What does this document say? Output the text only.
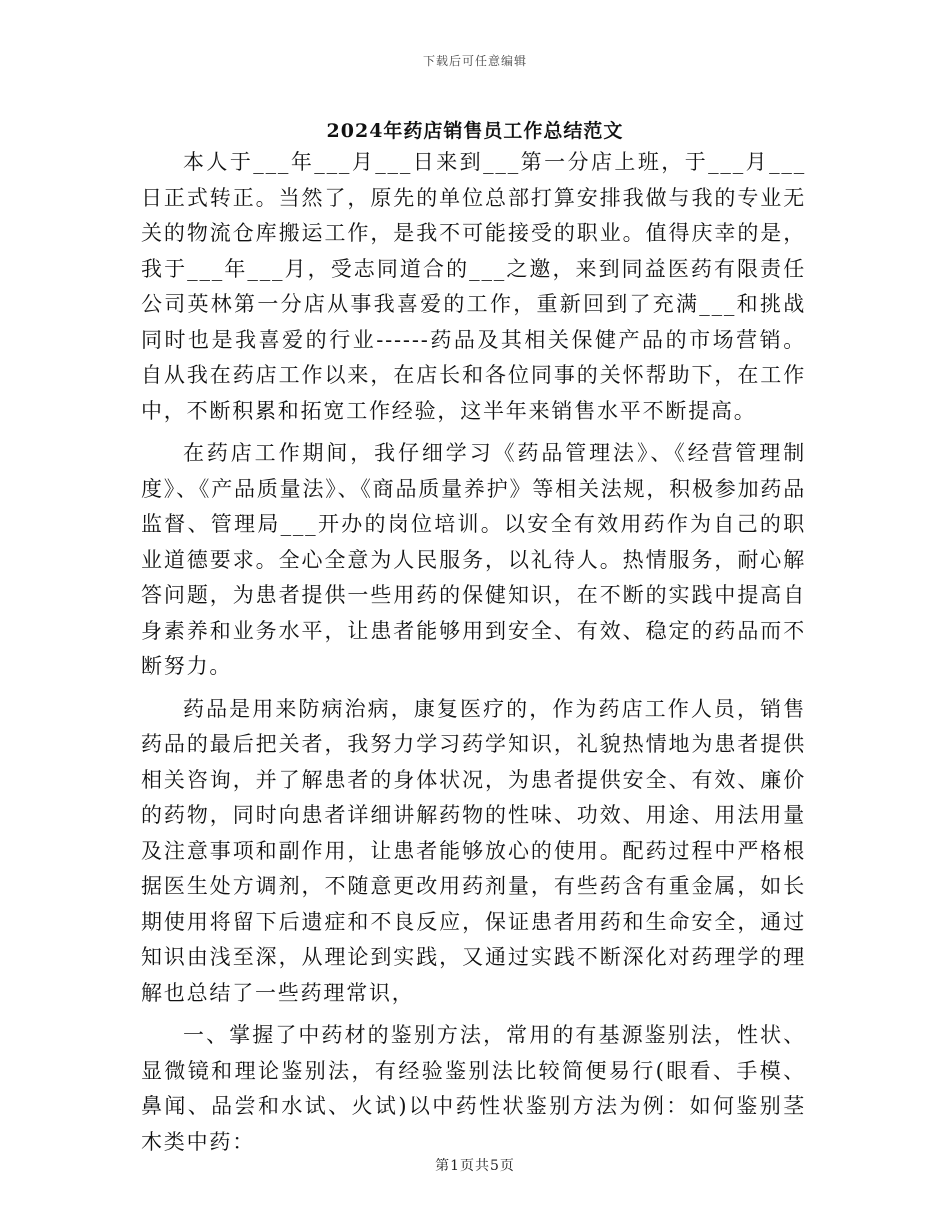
下载后可任意编辑
2024年药店销售员工作总结范文

本人于___年___月___日来到___第一分店上班，于___月___日正式转正。当然了，原先的单位总部打算安排我做与我的专业无关的物流仓库搬运工作，是我不可能接受的职业。值得庆幸的是，我于___年___月，受志同道合的___之邀，来到同益医药有限责任公司英林第一分店从事我喜爱的工作，重新回到了充满___和挑战同时也是我喜爱的行业------药品及其相关保健产品的市场营销。自从我在药店工作以来，在店长和各位同事的关怀帮助下，在工作中，不断积累和拓宽工作经验，这半年来销售水平不断提高。

在药店工作期间，我仔细学习《药品管理法》、《经营管理制度》、《产品质量法》、《商品质量养护》等相关法规，积极参加药品监督、管理局___开办的岗位培训。以安全有效用药作为自己的职业道德要求。全心全意为人民服务，以礼待人。热情服务，耐心解答问题，为患者提供一些用药的保健知识，在不断的实践中提高自身素养和业务水平，让患者能够用到安全、有效、稳定的药品而不断努力。

药品是用来防病治病，康复医疗的，作为药店工作人员，销售药品的最后把关者，我努力学习药学知识，礼貌热情地为患者提供相关咨询，并了解患者的身体状况，为患者提供安全、有效、廉价的药物，同时向患者详细讲解药物的性味、功效、用途、用法用量及注意事项和副作用，让患者能够放心的使用。配药过程中严格根据医生处方调剂，不随意更改用药剂量，有些药含有重金属，如长期使用将留下后遗症和不良反应，保证患者用药和生命安全，通过知识由浅至深，从理论到实践，又通过实践不断深化对药理学的理解也总结了一些药理常识，

一、掌握了中药材的鉴别方法，常用的有基源鉴别法，性状、显微镜和理论鉴别法，有经验鉴别法比较简便易行(眼看、手模、鼻闻、品尝和水试、火试)以中药性状鉴别方法为例：如何鉴别茎木类中药：

第1页共5页
